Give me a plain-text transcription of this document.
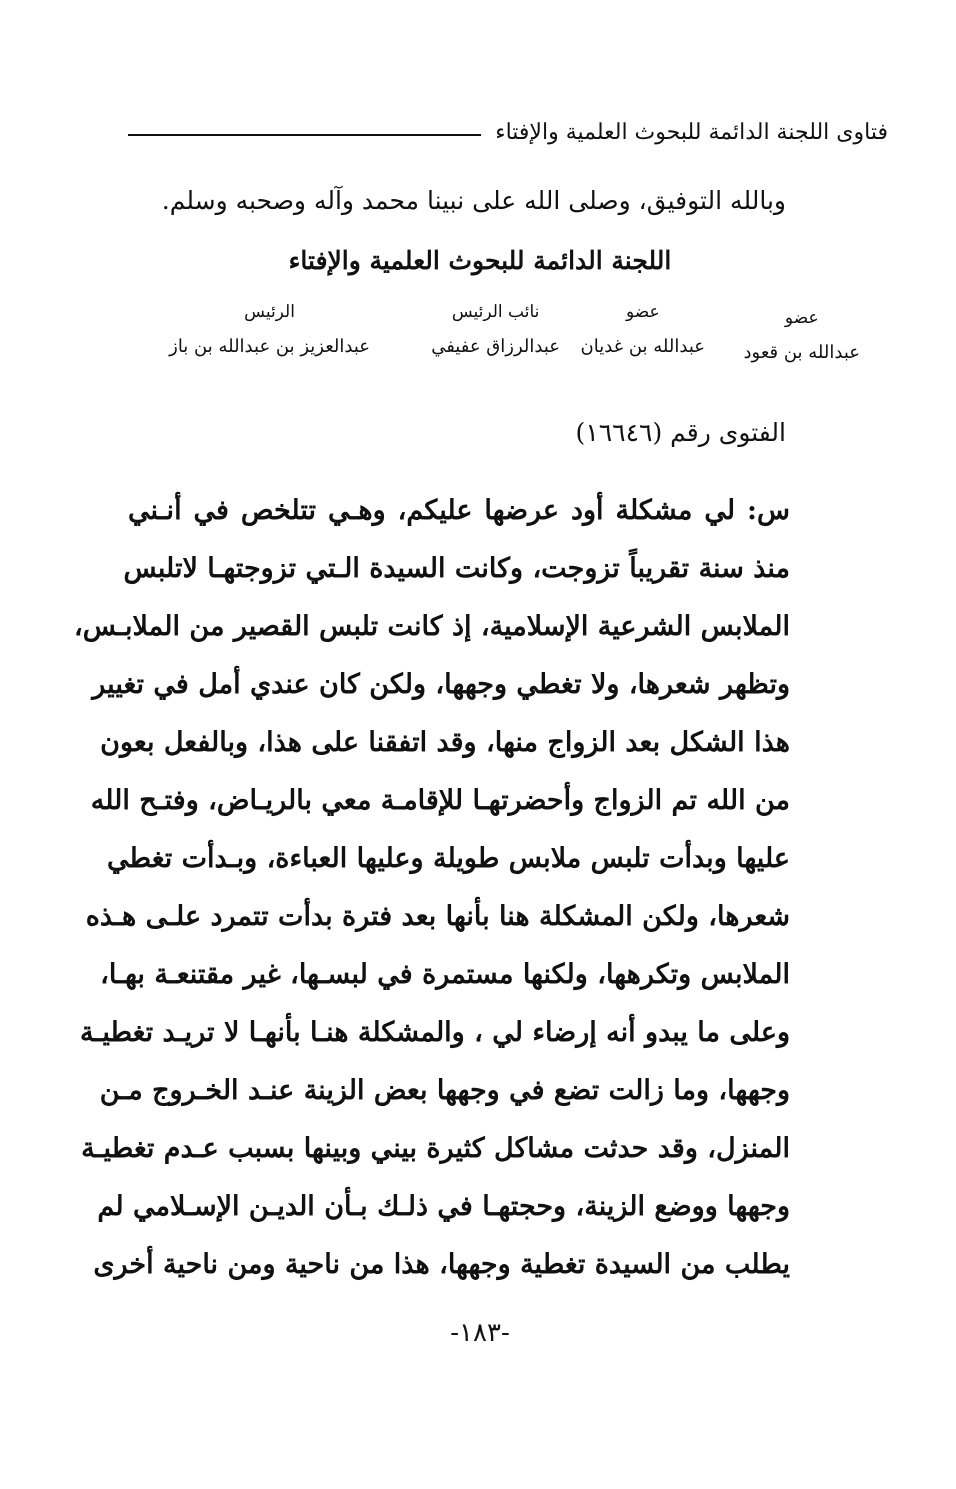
فتاوى اللجنة الدائمة للبحوث العلمية والإفتاء
وبالله التوفيق، وصلى الله على نبينا محمد وآله وصحبه وسلم.
اللجنة الدائمة للبحوث العلمية والإفتاء
عضو
عبدالله بن قعود
عضو
عبدالله بن غديان
نائب الرئيس
عبدالرزاق عفيفي
الرئيس
عبدالعزيز بن عبدالله بن باز
الفتوى رقم (١٦٦٤٦)
س: لي مشكلة أود عرضها عليكم، وهـي تتلخص في أنـني
منذ سنة تقريباً تزوجت، وكانت السيدة الـتي تزوجتهـا لاتلبس
الملابس الشرعية الإسلامية، إذ كانت تلبس القصير من الملابـس،
وتظهر شعرها، ولا تغطي وجهها، ولكن كان عندي أمل في تغيير
هذا الشكل بعد الزواج منها، وقد اتفقنا على هذا، وبالفعل بعون
من الله تم الزواج وأحضرتهـا للإقامـة معي بالريـاض، وفتـح الله
عليها وبدأت تلبس ملابس طويلة وعليها العباءة، وبـدأت تغطي
شعرها، ولكن المشكلة هنا بأنها بعد فترة بدأت تتمرد علـى هـذه
الملابس وتكرهها، ولكنها مستمرة في لبسـها، غير مقتنعـة بهـا،
وعلى ما يبدو أنه إرضاء لي ، والمشكلة هنـا بأنهـا لا تريـد تغطيـة
وجهها، وما زالت تضع في وجهها بعض الزينة عنـد الخـروج مـن
المنزل، وقد حدثت مشاكل كثيرة بيني وبينها بسبب عـدم تغطيـة
وجهها ووضع الزينة، وحجتهـا في ذلـك بـأن الديـن الإسـلامي لم
يطلب من السيدة تغطية وجهها، هذا من ناحية ومن ناحية أخرى
-١٨٣-
